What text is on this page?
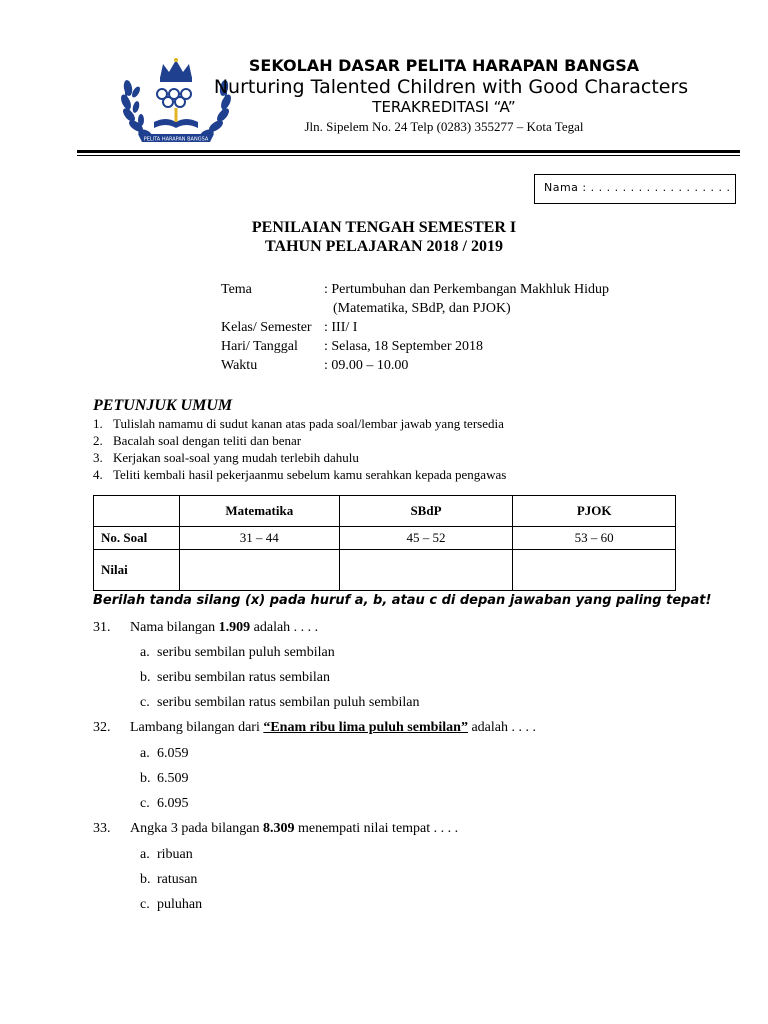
PELITA HARAPAN BANGSA
SEKOLAH DASAR PELITA HARAPAN BANGSA
Nurturing Talented Children with Good Characters
TERAKREDITASI “A”
Jln. Sipelem No. 24 Telp (0283) 355277 – Kota Tegal
Nama : . . . . . . . . . . . . . . . . . .
PENILAIAN TENGAH SEMESTER I
TAHUN PELAJARAN 2018 / 2019
Tema	: Pertumbuhan dan Perkembangan Makhluk Hidup
(Matematika, SBdP, dan PJOK)
Kelas/ Semester : III/ I
Hari/ Tanggal : Selasa, 18 September 2018
Waktu	: 09.00 – 10.00
PETUNJUK UMUM
1. Tulislah namamu di sudut kanan atas pada soal/lembar jawab yang tersedia
2. Bacalah soal dengan teliti dan benar
3. Kerjakan soal-soal yang mudah terlebih dahulu
4. Teliti kembali hasil pekerjaanmu sebelum kamu serahkan kepada pengawas
	Matematika	SBdP	PJOK
No. Soal	31 – 44	45 – 52	53 – 60
Nilai			
Berilah tanda silang (x) pada huruf a, b, atau c di depan jawaban yang paling tepat!
31. Nama bilangan 1.909 adalah . . . .
a. seribu sembilan puluh sembilan
b. seribu sembilan ratus sembilan
c. seribu sembilan ratus sembilan puluh sembilan
32. Lambang bilangan dari “Enam ribu lima puluh sembilan” adalah . . . .
a. 6.059
b. 6.509
c. 6.095
33. Angka 3 pada bilangan 8.309 menempati nilai tempat . . . .
a. ribuan
b. ratusan
c. puluhan
